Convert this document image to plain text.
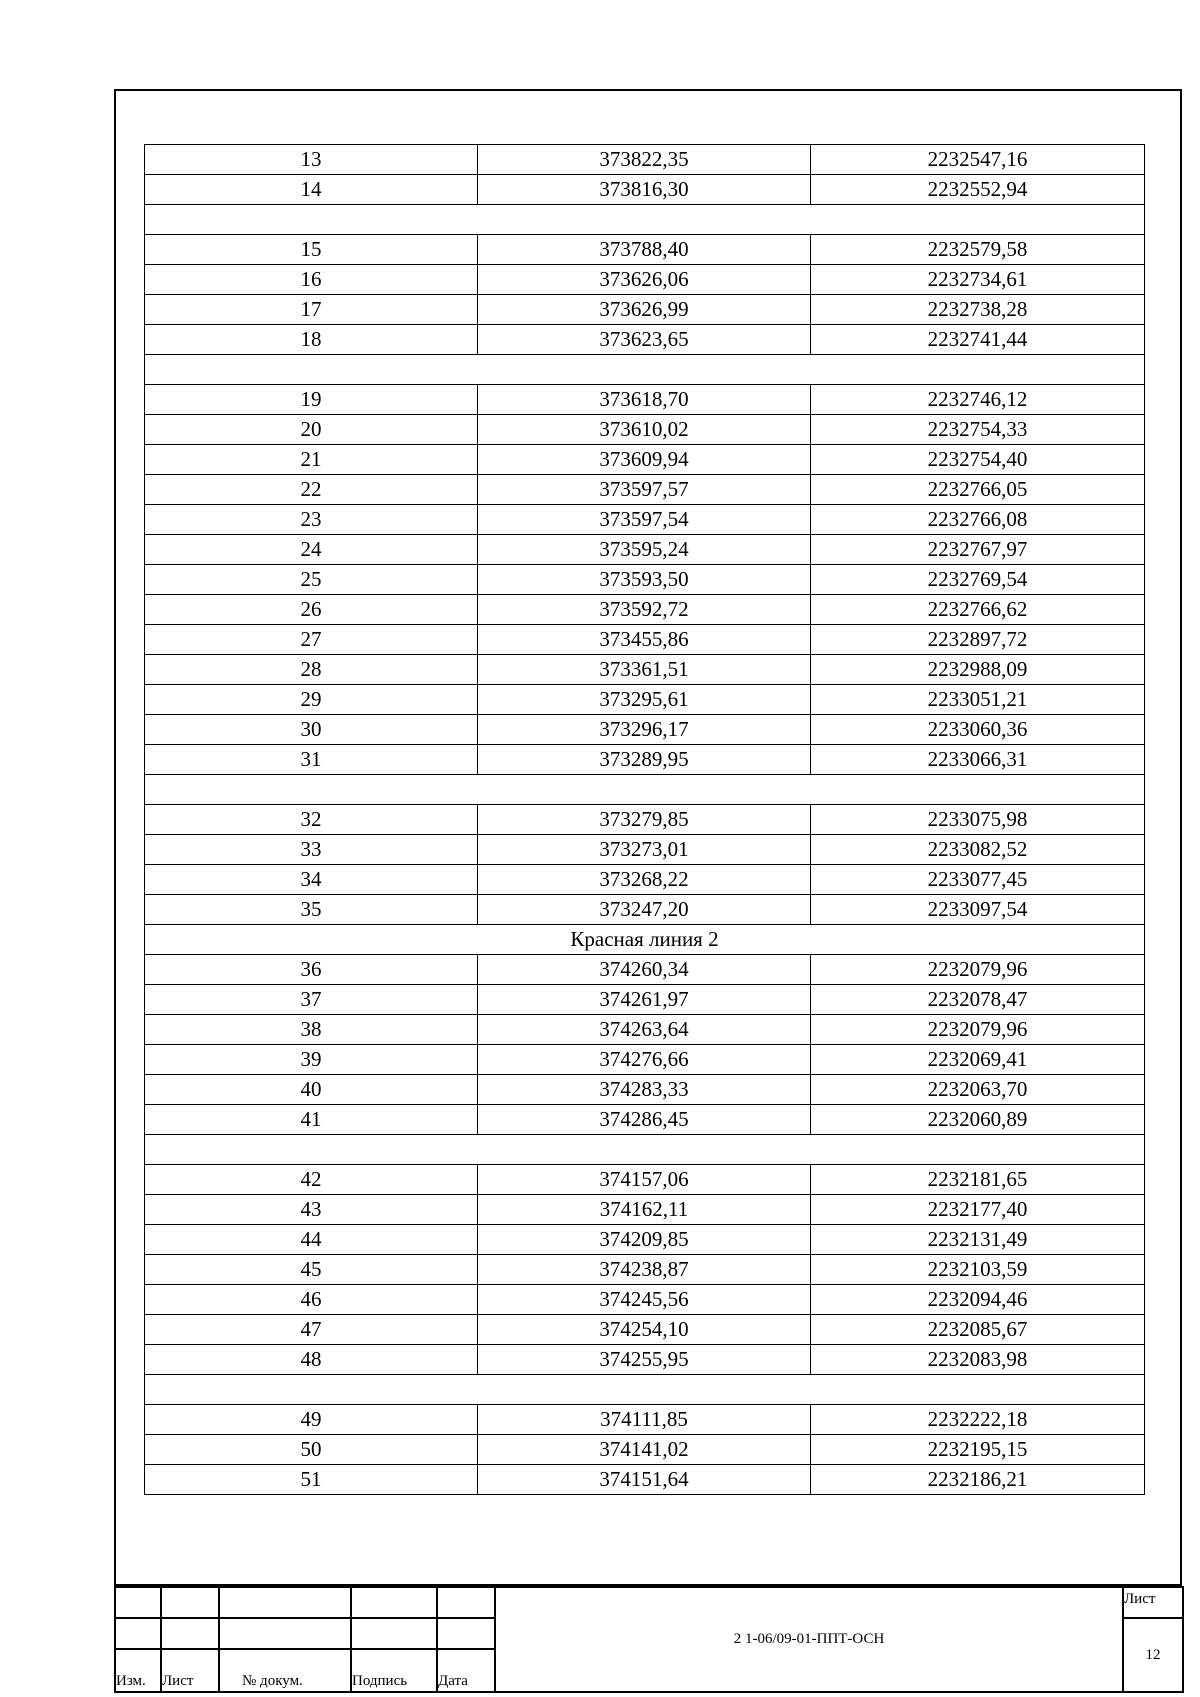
13	373822,35	2232547,16
14	373816,30	2232552,94

15	373788,40	2232579,58
16	373626,06	2232734,61
17	373626,99	2232738,28
18	373623,65	2232741,44

19	373618,70	2232746,12
20	373610,02	2232754,33
21	373609,94	2232754,40
22	373597,57	2232766,05
23	373597,54	2232766,08
24	373595,24	2232767,97
25	373593,50	2232769,54
26	373592,72	2232766,62
27	373455,86	2232897,72
28	373361,51	2232988,09
29	373295,61	2233051,21
30	373296,17	2233060,36
31	373289,95	2233066,31

32	373279,85	2233075,98
33	373273,01	2233082,52
34	373268,22	2233077,45
35	373247,20	2233097,54
Красная линия 2		
36	374260,34	2232079,96
37	374261,97	2232078,47
38	374263,64	2232079,96
39	374276,66	2232069,41
40	374283,33	2232063,70
41	374286,45	2232060,89

42	374157,06	2232181,65
43	374162,11	2232177,40
44	374209,85	2232131,49
45	374238,87	2232103,59
46	374245,56	2232094,46
47	374254,10	2232085,67
48	374255,95	2232083,98

49	374111,85	2232222,18
50	374141,02	2232195,15
51	374151,64	2232186,21
					2 1-06/09-01-ППТ-ОСН	Лист
						12
Изм.	Лист	№ докум.	Подпись	Дата		
